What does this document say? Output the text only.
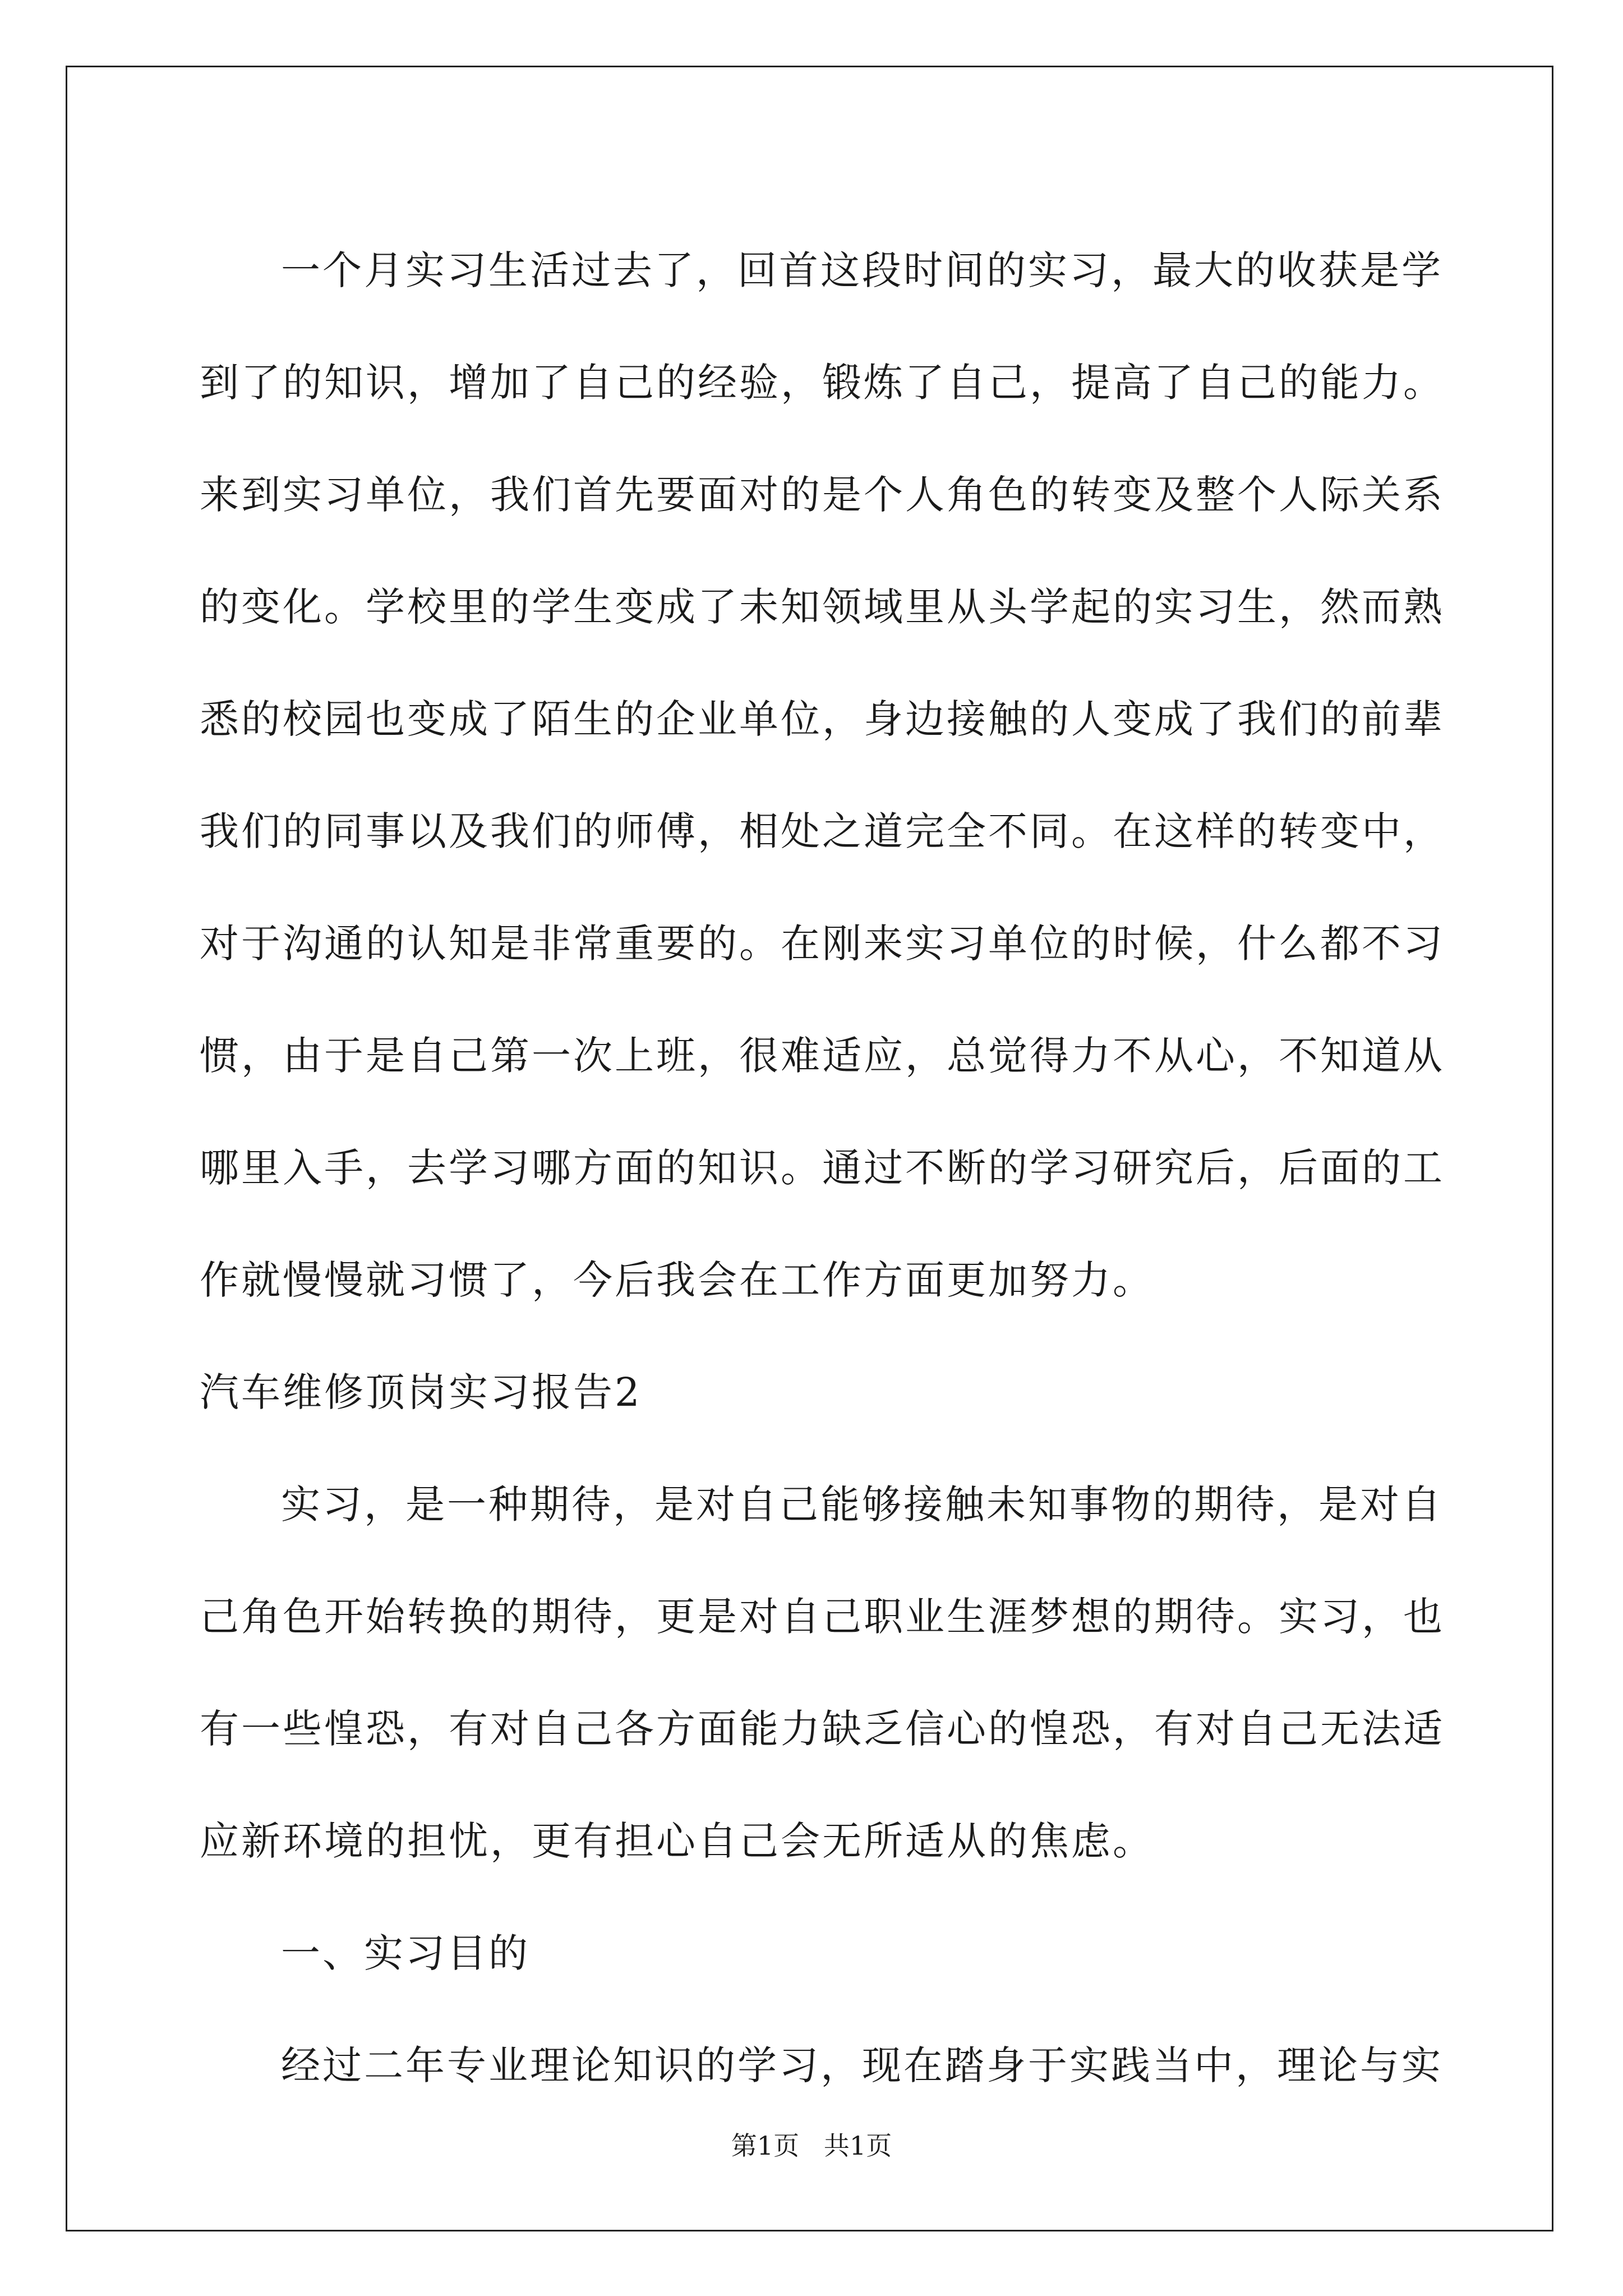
一个月实习生活过去了，回首这段时间的实习，最大的收获是学
到了的知识，增加了自己的经验，锻炼了自己，提高了自己的能力。
来到实习单位，我们首先要面对的是个人角色的转变及整个人际关系
的变化。学校里的学生变成了未知领域里从头学起的实习生，然而熟
悉的校园也变成了陌生的企业单位，身边接触的人变成了我们的前辈
我们的同事以及我们的师傅，相处之道完全不同。在这样的转变中，
对于沟通的认知是非常重要的。在刚来实习单位的时候，什么都不习
惯，由于是自己第一次上班，很难适应，总觉得力不从心，不知道从
哪里入手，去学习哪方面的知识。通过不断的学习研究后，后面的工
作就慢慢就习惯了，今后我会在工作方面更加努力。
汽车维修顶岗实习报告2
实习，是一种期待，是对自己能够接触未知事物的期待，是对自
己角色开始转换的期待，更是对自己职业生涯梦想的期待。实习，也
有一些惶恐，有对自己各方面能力缺乏信心的惶恐，有对自己无法适
应新环境的担忧，更有担心自己会无所适从的焦虑。
一、实习目的
经过二年专业理论知识的学习，现在踏身于实践当中，理论与实
第1页   共1页
